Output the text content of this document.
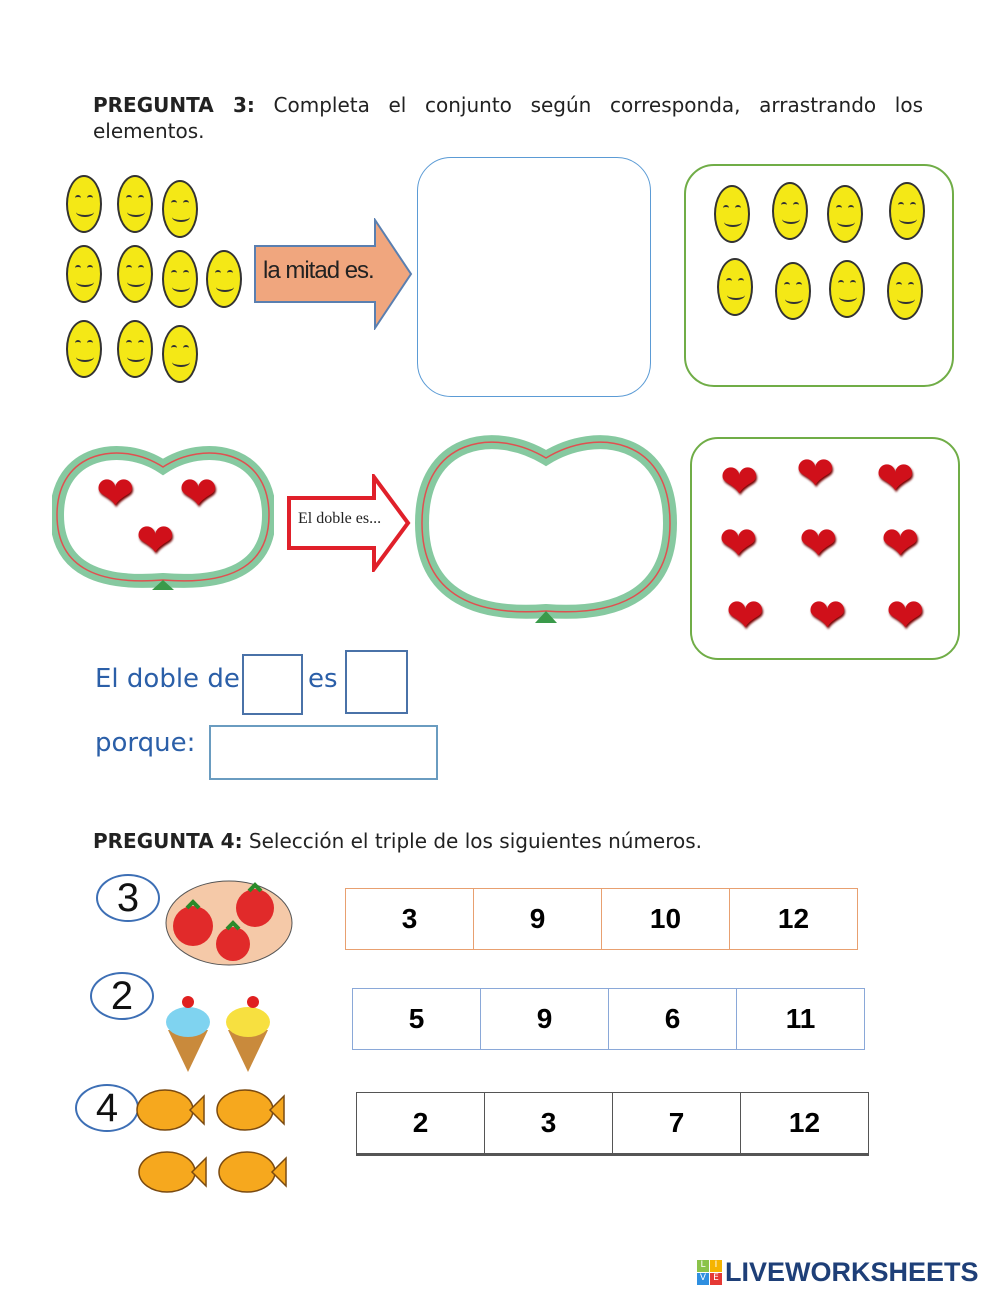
PREGUNTA 3: Completa el conjunto según corresponda, arrastrando los elementos.
la mitad es.
El doble es...
El doble de	es
porque:
PREGUNTA 4: Selección el triple de los siguientes números.
3
2
4
3	9	10	12
5	9	6	11
2	3	7	12
L	I
V E LIVEWORKSHEETS
❤ ❤
❤
❤ ❤ ❤
❤ ❤ ❤
❤ ❤ ❤
